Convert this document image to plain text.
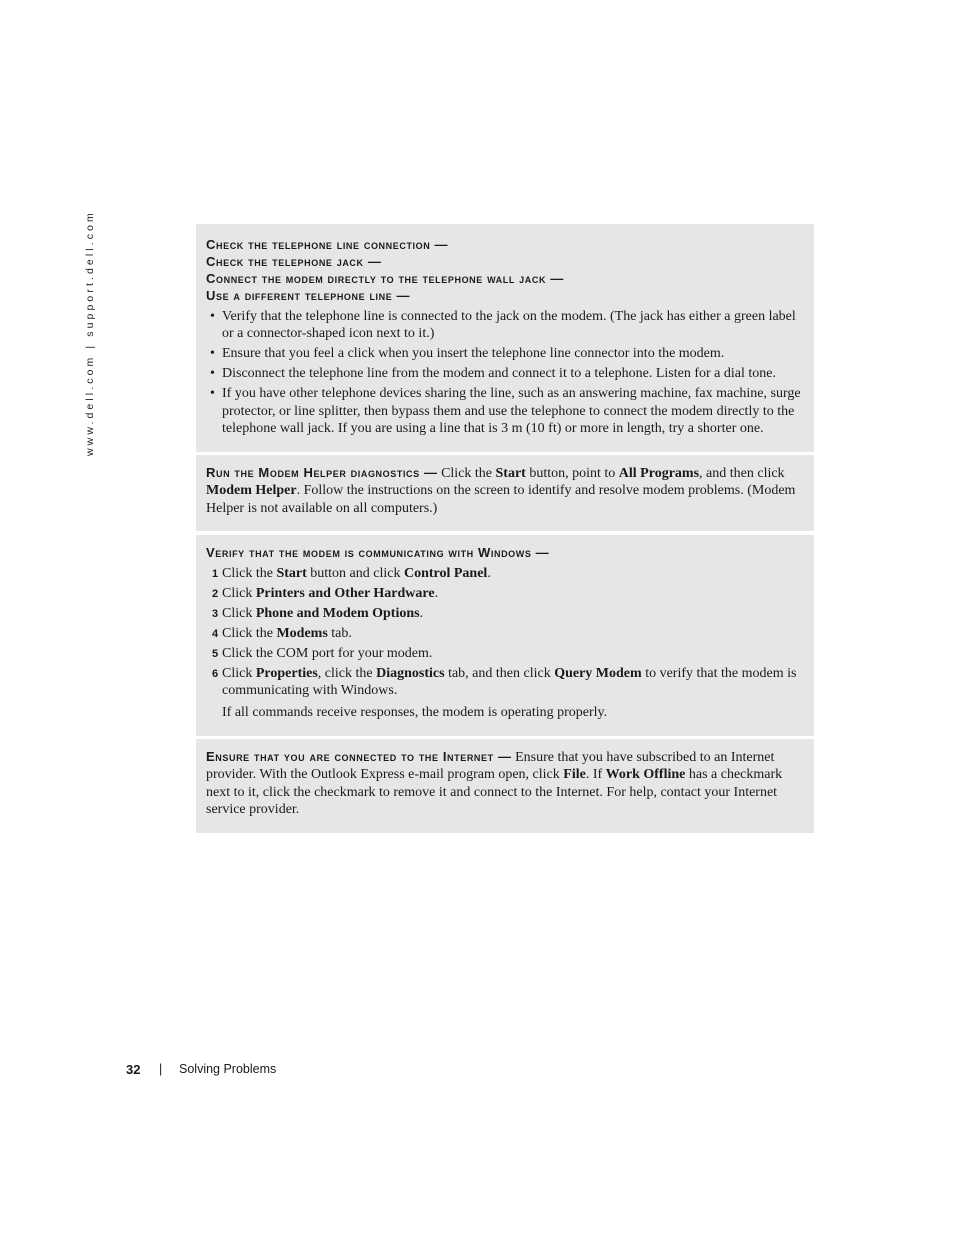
www.dell.com | support.dell.com	Check the telephone line connection —
Check the telephone jack —
Connect the modem directly to the telephone wall jack —
Use a different telephone line —
• Verify that the telephone line is connected to the jack on the modem. (The jack has either a green label or a connector-shaped icon next to it.)
• Ensure that you feel a click when you insert the telephone line connector into the modem.
• Disconnect the telephone line from the modem and connect it to a telephone. Listen for a dial tone.
• If you have other telephone devices sharing the line, such as an answering machine, fax machine, surge protector, or line splitter, then bypass them and use the telephone to connect the modem directly to the telephone wall jack. If you are using a line that is 3 m (10 ft) or more in length, try a shorter one.
Run the Modem Helper diagnostics — Click the Start button, point to All Programs, and then click Modem Helper. Follow the instructions on the screen to identify and resolve modem problems. (Modem Helper is not available on all computers.)
Verify that the modem is communicating with Windows —
1 Click the Start button and click Control Panel.
2 Click Printers and Other Hardware.
3 Click Phone and Modem Options.
4 Click the Modems tab.
5 Click the COM port for your modem.
6 Click Properties, click the Diagnostics tab, and then click Query Modem to verify that the modem is communicating with Windows.
If all commands receive responses, the modem is operating properly.
Ensure that you are connected to the Internet — Ensure that you have subscribed to an Internet provider. With the Outlook Express e-mail program open, click File. If Work Offline has a checkmark next to it, click the checkmark to remove it and connect to the Internet. For help, contact your Internet service provider.
32 | Solving Problems
